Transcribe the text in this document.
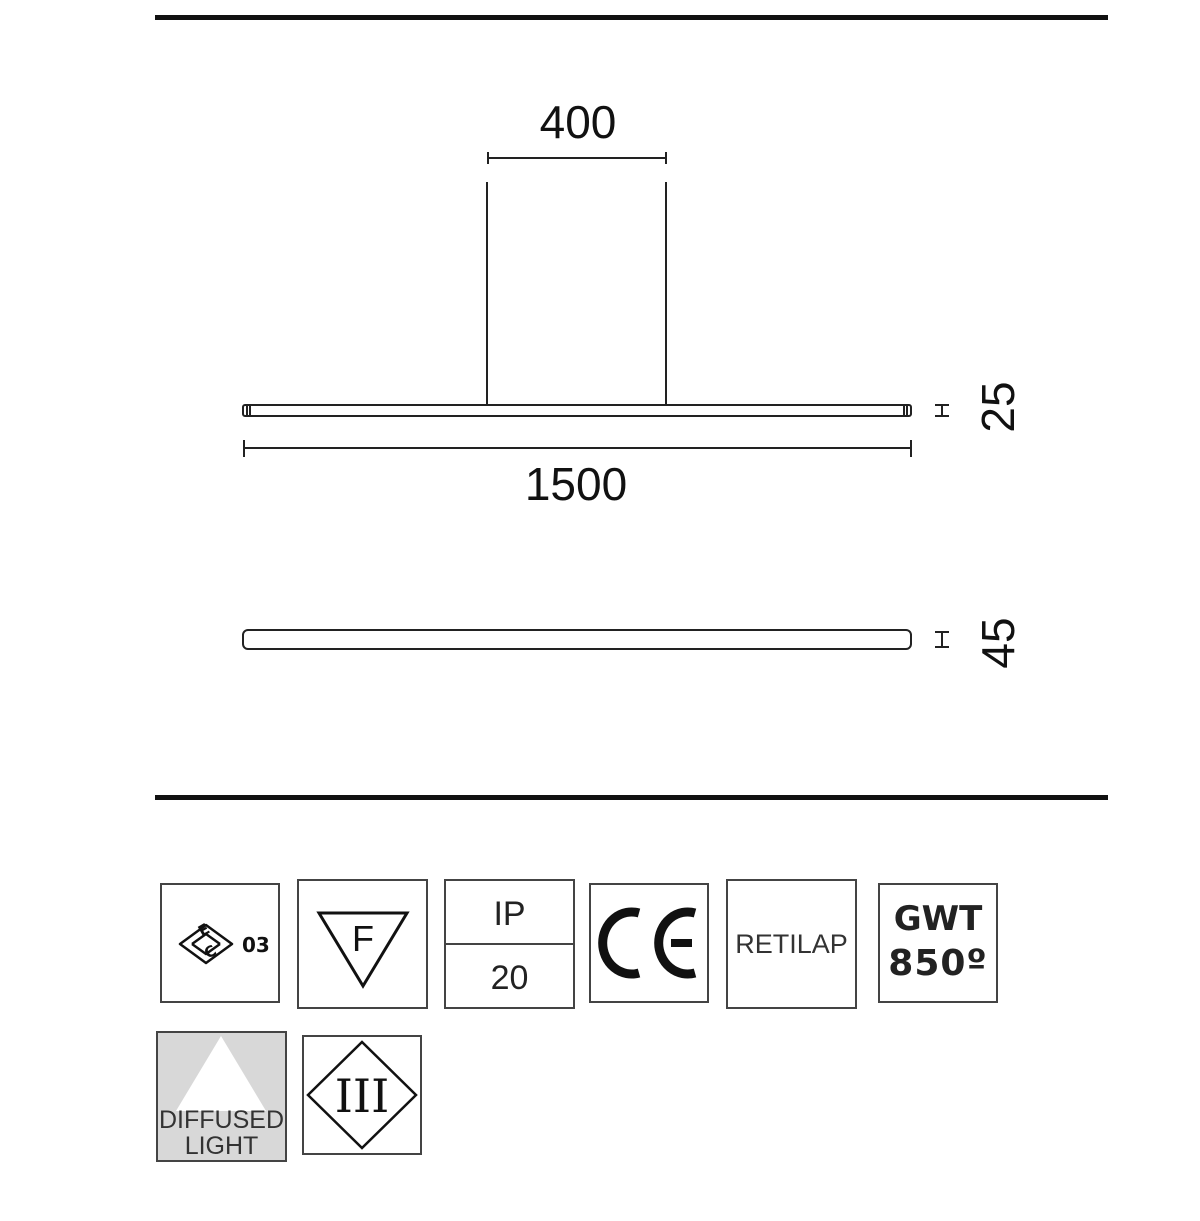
400
1500
25
45
E
C 03 F
IP
20
RETILAP
GWT
850º
DIFFUSED
LIGHT
III
